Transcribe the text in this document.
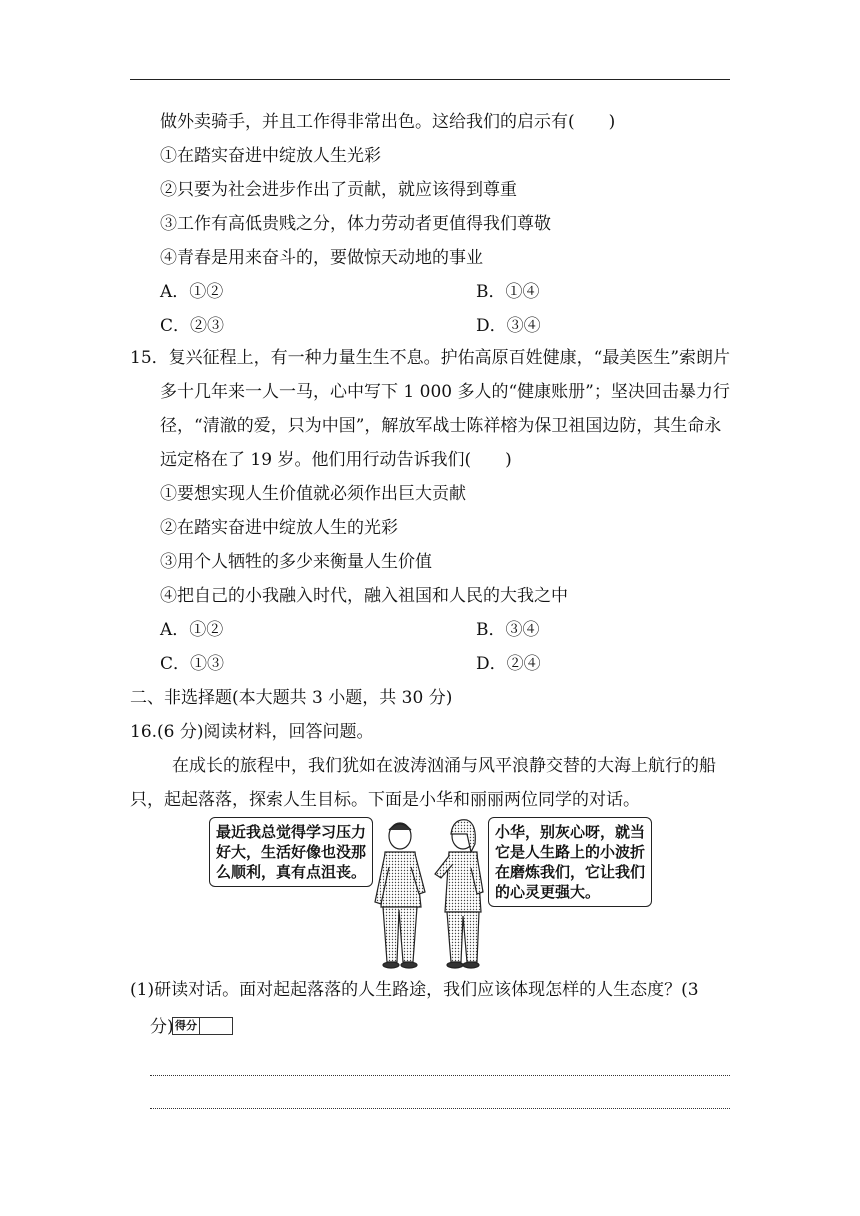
做外卖骑手，并且工作得非常出色。这给我们的启示有(　　)
①在踏实奋进中绽放人生光彩
②只要为社会进步作出了贡献，就应该得到尊重
③工作有高低贵贱之分，体力劳动者更值得我们尊敬
④青春是用来奋斗的，要做惊天动地的事业
A．①②	B．①④
C．②③	D．③④
15．复兴征程上，有一种力量生生不息。护佑高原百姓健康，“最美医生”索朗片
多十几年来一人一马，心中写下 1 000 多人的“健康账册”；坚决回击暴力行
径，“清澈的爱，只为中国”，解放军战士陈祥榕为保卫祖国边防，其生命永
远定格在了 19 岁。他们用行动告诉我们(　　)
①要想实现人生价值就必须作出巨大贡献
②在踏实奋进中绽放人生的光彩
③用个人牺牲的多少来衡量人生价值
④把自己的小我融入时代，融入祖国和人民的大我之中
A．①②	B．③④
C．①③	D．②④
二、非选择题(本大题共 3 小题，共 30 分)
16.(6 分)阅读材料，回答问题。
在成长的旅程中，我们犹如在波涛汹涌与风平浪静交替的大海上航行的船
只，起起落落，探索人生目标。下面是小华和丽丽两位同学的对话。
最近我总觉得学习压力
好大，生活好像也没那
么顺利，真有点沮丧。
小华，别灰心呀，就当
它是人生路上的小波折
在磨炼我们，它让我们
的心灵更强大。
(1)研读对话。面对起起落落的人生路途，我们应该体现怎样的人生态度？(3
分) 得分
